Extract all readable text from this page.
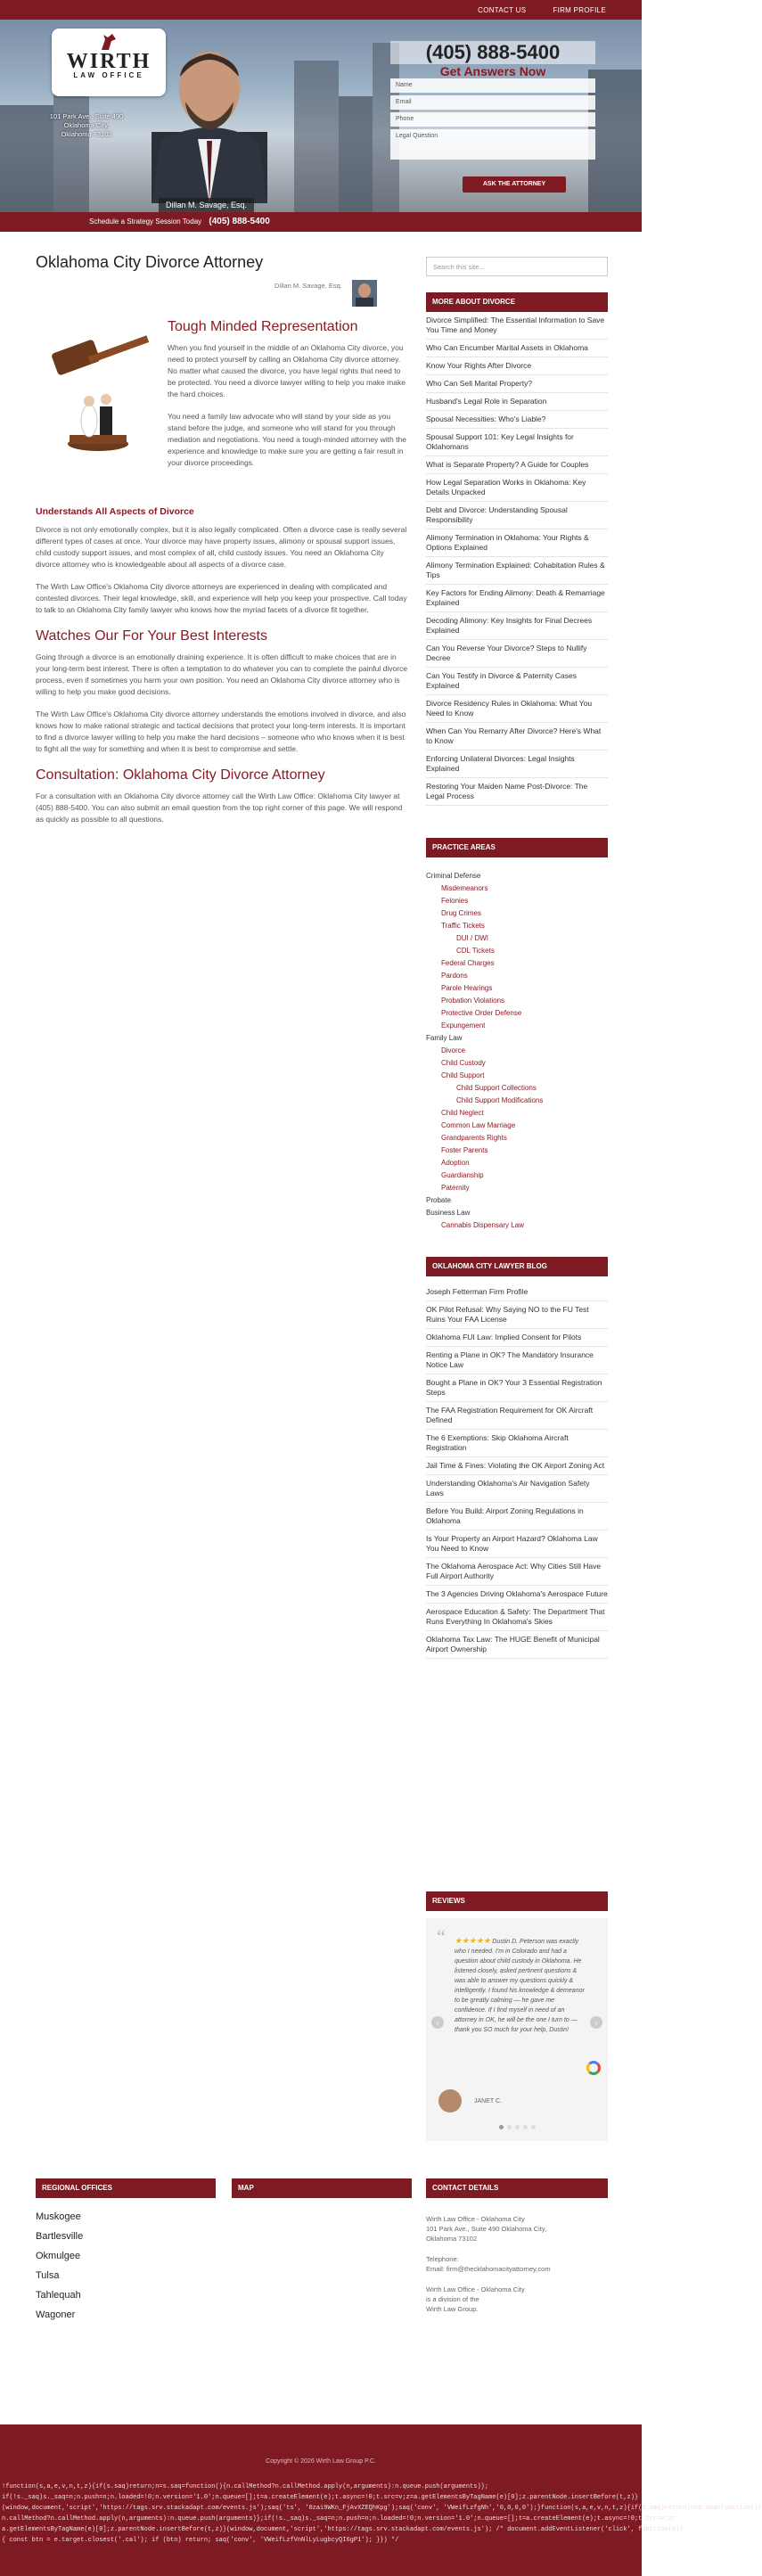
CONTACT US	FIRM PROFILE
WIRTH
LAW OFFICE
101 Park Ave., Suite 490
Oklahoma City,
Oklahoma 73102
Dillan M. Savage, Esq.
(405) 888-5400
Get Answers Now
Name
Email
Phone
Legal Question
ASK THE ATTORNEY
Schedule a Strategy Session Today (405) 888-5400
Oklahoma City Divorce Attorney
Dillan M. Savage, Esq.
Tough Minded Representation

When you find yourself in the middle of an Oklahoma City divorce, you need to protect yourself by calling an Oklahoma City divorce attorney. No matter what caused the divorce, you have legal rights that need to be protected. You need a divorce lawyer willing to help you make make the hard choices.

You need a family law advocate who will stand by your side as you stand before the judge, and someone who will stand for you through mediation and negotiations. You need a tough-minded attorney with the experience and knowledge to make sure you are getting a fair result in your divorce proceedings.

Understands All Aspects of Divorce

Divorce is not only emotionally complex, but it is also legally complicated. Often a divorce case is really several different types of cases at once. Your divorce may have property issues, alimony or spousal support issues, child custody support issues, and most complex of all, child custody issues. You need an Oklahoma City divorce attorney who is knowledgeable about all aspects of a divorce case.

The Wirth Law Office's Oklahoma City divorce attorneys are experienced in dealing with complicated and contested divorces. Their legal knowledge, skill, and experience will help you keep your prospective. Call today to talk to an Oklahoma City family lawyer who knows how the myriad facets of a divorce fit together.

Watches Our For Your Best Interests

Going through a divorce is an emotionally draining experience. It is often difficult to make choices that are in your long-term best interest. There is often a temptation to do whatever you can to complete the painful divorce process, even if sometimes you harm your own position. You need an Oklahoma City divorce attorney who is willing to help you make good decisions.

The Wirth Law Office's Oklahoma City divorce attorney understands the emotions involved in divorce, and also knows how to make rational strategic and tactical decisions that protect your long-term interests. It is important to find a divorce lawyer willing to help you make the hard decisions – someone who who knows when it is best to fight all the way for something and when it is best to compromise and settle.

Consultation: Oklahoma City Divorce Attorney

For a consultation with an Oklahoma City divorce attorney call the Wirth Law Office: Oklahoma City lawyer at (405) 888-5400. You can also submit an email question from the top right corner of this page. We will respond as quickly as possible to all questions.

Search this site...
MORE ABOUT DIVORCE
Divorce Simplified: The Essential Information to Save You Time and Money
Who Can Encumber Marital Assets in Oklahoma
Know Your Rights After Divorce
Who Can Sell Marital Property?
Husband's Legal Role in Separation
Spousal Necessities: Who's Liable?
Spousal Support 101: Key Legal Insights for Oklahomans
What is Separate Property? A Guide for Couples
How Legal Separation Works in Oklahoma: Key Details Unpacked
Debt and Divorce: Understanding Spousal Responsibility
Alimony Termination in Oklahoma: Your Rights & Options Explained
Alimony Termination Explained: Cohabitation Rules & Tips
Key Factors for Ending Alimony: Death & Remarriage Explained
Decoding Alimony: Key Insights for Final Decrees Explained
Can You Reverse Your Divorce? Steps to Nullify Decree
Can You Testify in Divorce & Paternity Cases Explained
Divorce Residency Rules in Oklahoma: What You Need to Know
When Can You Remarry After Divorce? Here's What to Know
Enforcing Unilateral Divorces: Legal Insights Explained
Restoring Your Maiden Name Post-Divorce: The Legal Process
PRACTICE AREAS
Criminal Defense
Misdemeanors
Felonies
Drug Crimes
Traffic Tickets
DUI / DWI
CDL Tickets
Federal Charges
Pardons
Parole Hearings
Probation Violations
Protective Order Defense
Expungement
Family Law
Divorce
Child Custody
Child Support
Child Support Collections
Child Support Modifications
Child Neglect
Common Law Marriage
Grandparents Rights
Foster Parents
Adoption
Guardianship
Paternity
Probate
Business Law
Cannabis Dispensary Law
OKLAHOMA CITY LAWYER BLOG
Joseph Fetterman Firm Profile
OK Pilot Refusal: Why Saying NO to the FU Test Ruins Your FAA License
Oklahoma FUI Law: Implied Consent for Pilots
Renting a Plane in OK? The Mandatory Insurance Notice Law
Bought a Plane in OK? Your 3 Essential Registration Steps
The FAA Registration Requirement for OK Aircraft Defined
The 6 Exemptions: Skip Oklahoma Aircraft Registration
Jail Time & Fines: Violating the OK Airport Zoning Act
Understanding Oklahoma's Air Navigation Safety Laws
Before You Build: Airport Zoning Regulations in Oklahoma
Is Your Property an Airport Hazard? Oklahoma Law You Need to Know
The Oklahoma Aerospace Act: Why Cities Still Have Full Airport Authority
The 3 Agencies Driving Oklahoma's Aerospace Future
Aerospace Education & Safety: The Department That Runs Everything In Oklahoma's Skies
Oklahoma Tax Law: The HUGE Benefit of Municipal Airport Ownership
REVIEWS
“
‹	›
★★★★★ Dustin D. Peterson was exactly who I needed. I'm in Colorado and had a question about child custody in Oklahoma. He listened closely, asked pertinent questions & was able to answer my questions quickly & intelligently. I found his knowledge & demeanor to be greatly calming — he gave me confidence. If I find myself in need of an attorney in OK, he will be the one I turn to — thank you SO much for your help, Dustin!
JANET C.
REGIONAL OFFICES	MAP	CONTACT DETAILS
Muskogee
Bartlesville
Okmulgee
Tulsa
Tahlequah
Wagoner

Wirth Law Office - Oklahoma City

101 Park Ave., Suite 490 Oklahoma City,

Oklahoma 73102

Telephone:

Email: firm@thecklahomacityattorney.com

Wirth Law Office - Oklahoma City

is a division of the

Wirth Law Group.

Copyright © 2026 Wirth Law Group P.C.
!function(s,a,e,v,n,t,z){if(s.saq)return;n=s.saq=function(){n.callMethod?n.callMethod.apply(n,arguments):n.queue.push(arguments)};
if(!s._saq)s._saq=n;n.push=n;n.loaded=!0;n.version='1.0';n.queue=[];t=a.createElement(e);t.async=!0;t.src=v;z=a.getElementsByTagName(e)[0];z.parentNode.insertBefore(t,z)}
(window,document,'script','https://tags.srv.stackadapt.com/events.js');saq('ts', '0zai9WKn_FjAvXZEQhKpg');saq('conv', 'VWeifLzfgNh','0,0,0,0');}function(s,a,e,v,n,t,z){if(s.saq)return;n=s.saq=function(){
n.callMethod?n.callMethod.apply(n,arguments):n.queue.push(arguments)};if(!s._saq)s._saq=n;n.push=n;n.loaded=!0;n.version='1.0';n.queue=[];t=a.createElement(e);t.async=!0;t.src=v;z=
a.getElementsByTagName(e)[0];z.parentNode.insertBefore(t,z)}(window,document,'script','https://tags.srv.stackadapt.com/events.js'); /* document.addEventListener('click', function(e){
{ const btn = e.target.closest('.cal'); if (btn) return; saq('conv', 'VWeifLzfVnNlLyLugbcyQI6gP1'); }}) */
